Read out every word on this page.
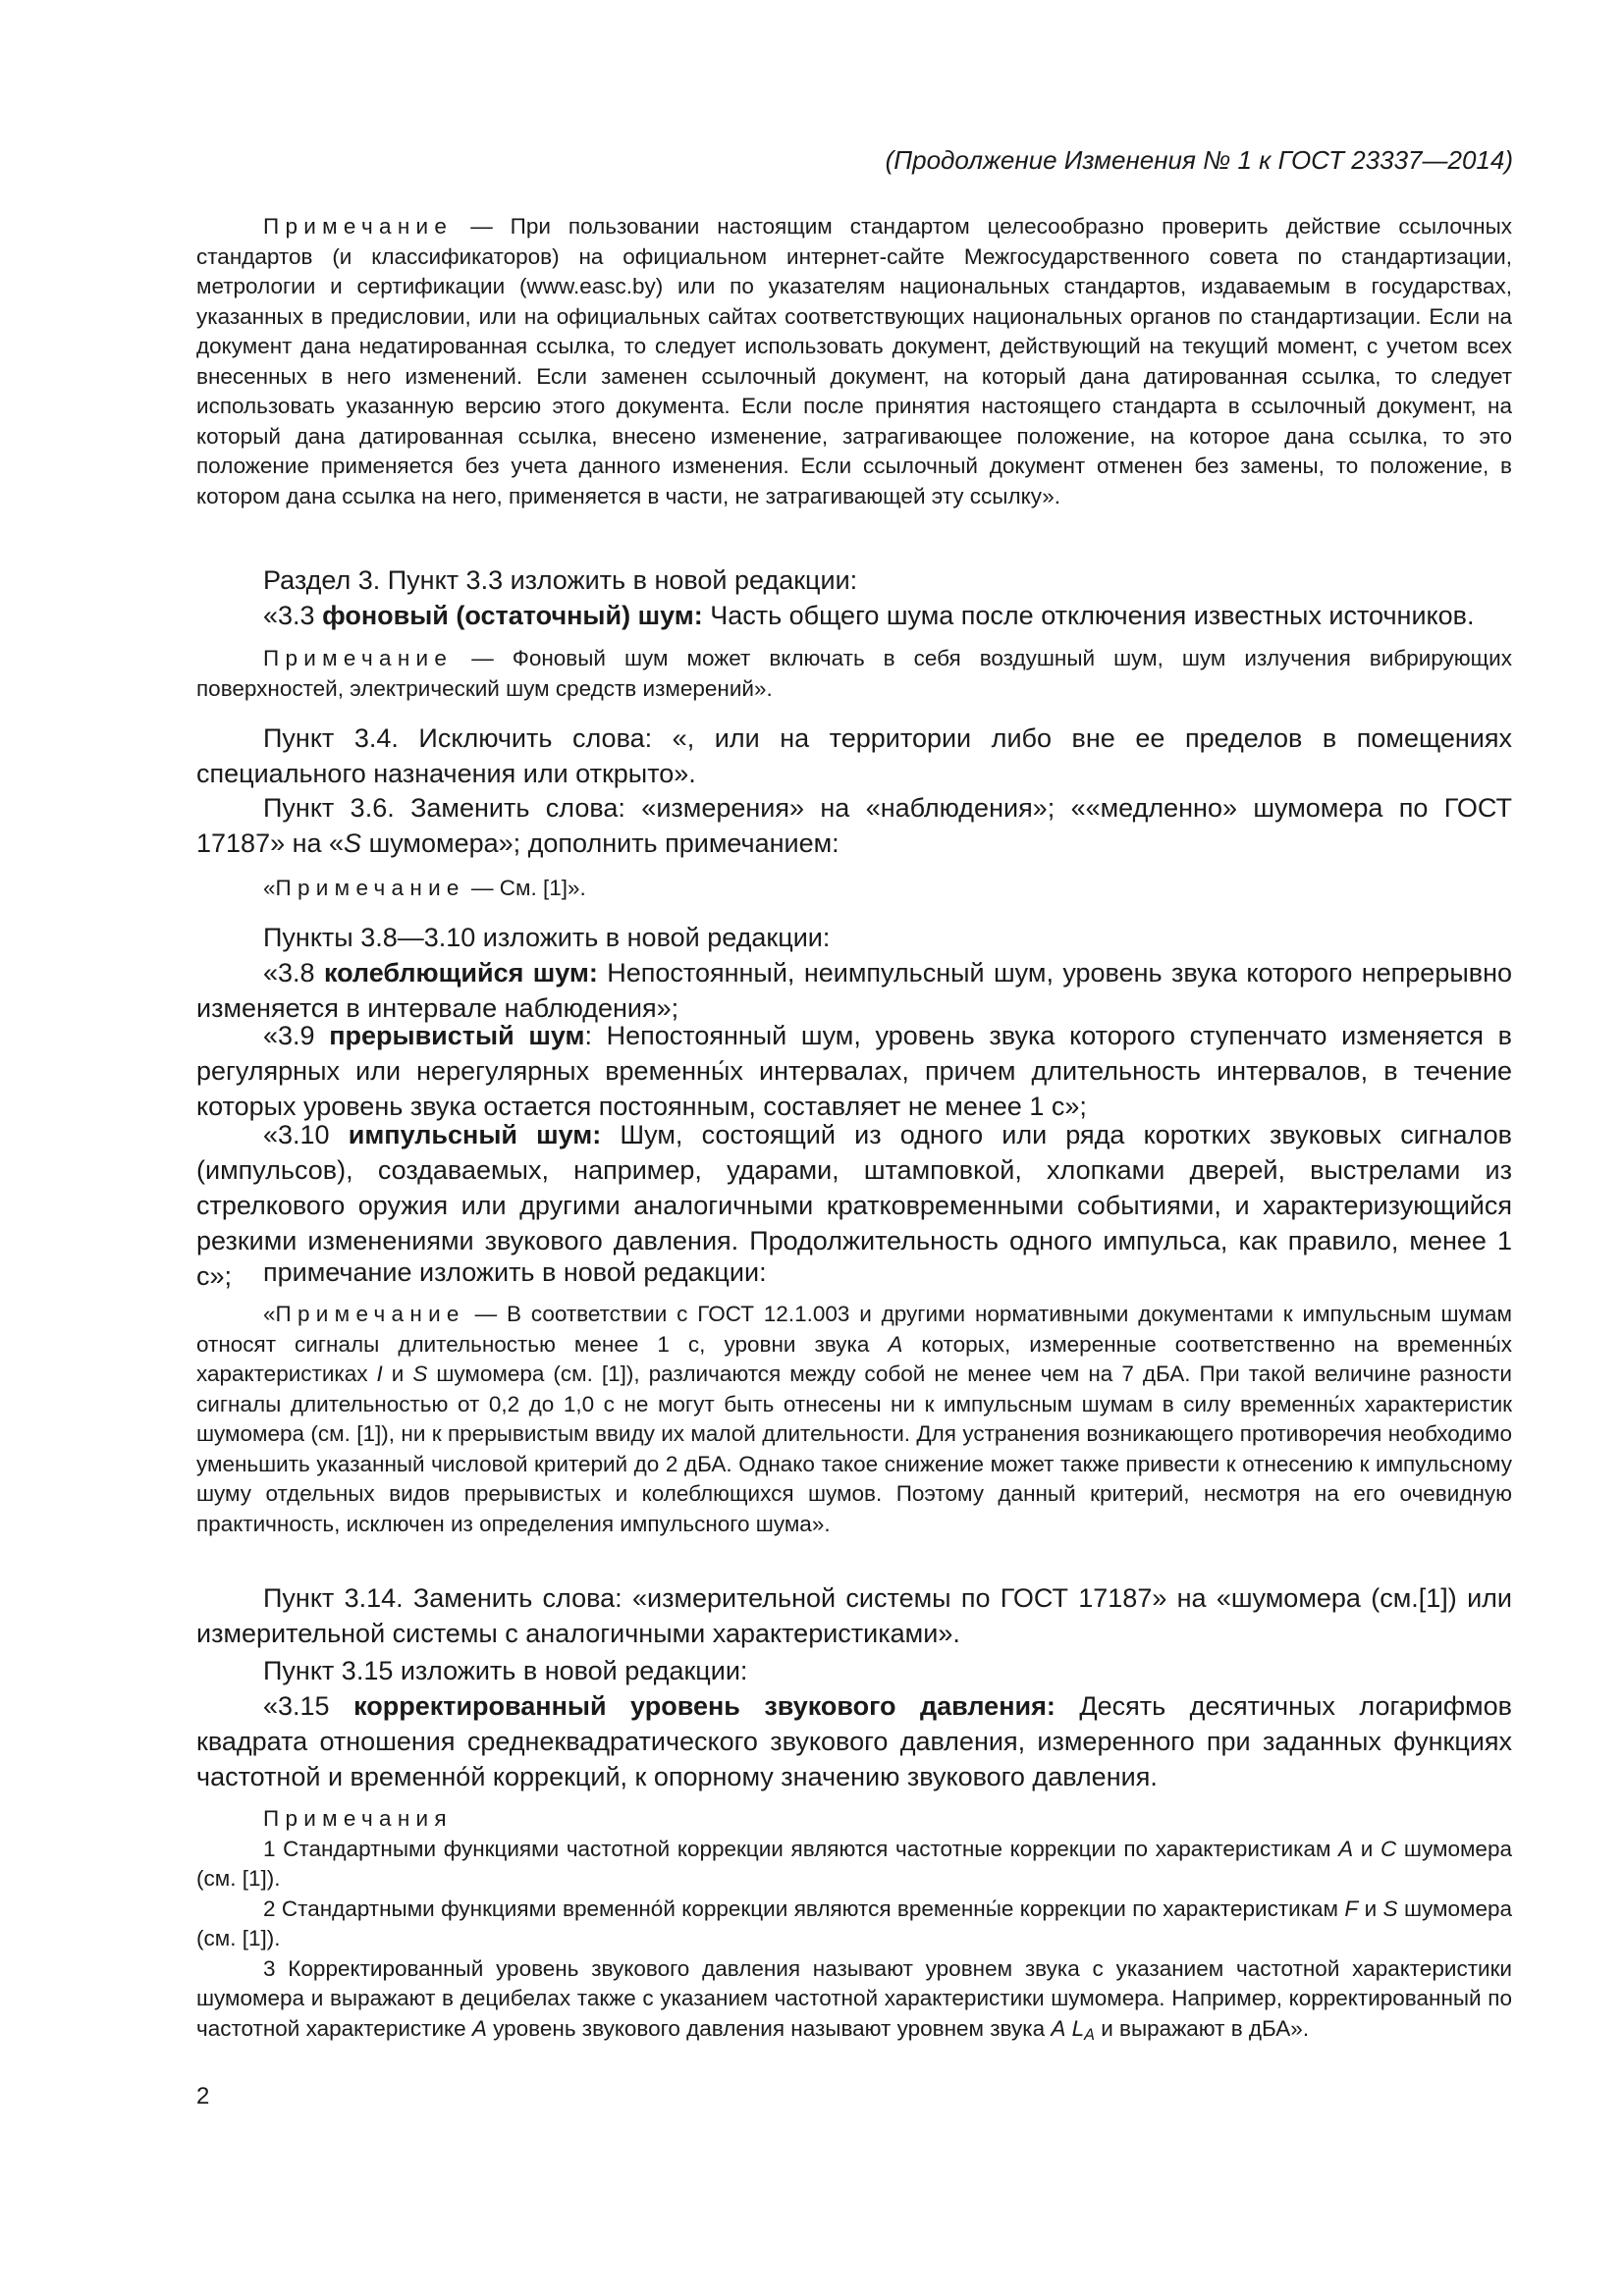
(Продолжение Изменения № 1 к ГОСТ 23337—2014)

Примечание — При пользовании настоящим стандартом целесообразно проверить действие ссылочных стандартов (и классификаторов) на официальном интернет-сайте Межгосударственного совета по стандартизации, метрологии и сертификации (www.easc.by) или по указателям национальных стандартов, издаваемым в государствах, указанных в предисловии, или на официальных сайтах соответствующих национальных органов по стандартизации. Если на документ дана недатированная ссылка, то следует использовать документ, действующий на текущий момент, с учетом всех внесенных в него изменений. Если заменен ссылочный документ, на который дана датированная ссылка, то следует использовать указанную версию этого документа. Если после принятия настоящего стандарта в ссылочный документ, на который дана датированная ссылка, внесено изменение, затрагивающее положение, на которое дана ссылка, то это положение применяется без учета данного изменения. Если ссылочный документ отменен без замены, то положение, в котором дана ссылка на него, применяется в части, не затрагивающей эту ссылку».

Раздел 3. Пункт 3.3 изложить в новой редакции:

«3.3 фоновый (остаточный) шум: Часть общего шума после отключения известных источников.

Примечание — Фоновый шум может включать в себя воздушный шум, шум излучения вибрирующих поверхностей, электрический шум средств измерений».

Пункт 3.4. Исключить слова: «, или на территории либо вне ее пределов в помещениях специального назначения или открыто».

Пункт 3.6. Заменить слова: «измерения» на «наблюдения»; ««медленно» шумомера по ГОСТ 17187» на «S шумомера»; дополнить примечанием:

«Примечание — См. [1]».

Пункты 3.8—3.10 изложить в новой редакции:

«3.8 колеблющийся шум: Непостоянный, неимпульсный шум, уровень звука которого непрерывно изменяется в интервале наблюдения»;

«3.9 прерывистый шум: Непостоянный шум, уровень звука которого ступенчато изменяется в регулярных или нерегулярных временны́х интервалах, причем длительность интервалов, в течение которых уровень звука остается постоянным, составляет не менее 1 с»;

«3.10 импульсный шум: Шум, состоящий из одного или ряда коротких звуковых сигналов (импульсов), создаваемых, например, ударами, штамповкой, хлопками дверей, выстрелами из стрелкового оружия или другими аналогичными кратковременными событиями, и характеризующийся резкими изменениями звукового давления. Продолжительность одного импульса, как правило, менее 1 с»;	примечание изложить в новой редакции:

«Примечание — В соответствии с ГОСТ 12.1.003 и другими нормативными документами к импульсным шумам относят сигналы длительностью менее 1 с, уровни звука A которых, измеренные соответственно на временны́х характеристиках I и S шумомера (см. [1]), различаются между собой не менее чем на 7 дБА. При такой величине разности сигналы длительностью от 0,2 до 1,0 с не могут быть отнесены ни к импульсным шумам в силу временны́х характеристик шумомера (см. [1]), ни к прерывистым ввиду их малой длительности. Для устранения возникающего противоречия необходимо уменьшить указанный числовой критерий до 2 дБА. Однако такое снижение может также привести к отнесению к импульсному шуму отдельных видов прерывистых и колеблющихся шумов. Поэтому данный критерий, несмотря на его очевидную практичность, исключен из определения импульсного шума».

Пункт 3.14. Заменить слова: «измерительной системы по ГОСТ 17187» на «шумомера (см.[1]) или измерительной системы с аналогичными характеристиками».

Пункт 3.15 изложить в новой редакции:

«3.15 корректированный уровень звукового давления: Десять десятичных логарифмов квадрата отношения среднеквадратического звукового давления, измеренного при заданных функциях частотной и временно́й коррекций, к опорному значению звукового давления.

Примечания

1 Стандартными функциями частотной коррекции являются частотные коррекции по характеристикам A и C шумомера (см. [1]).

2 Стандартными функциями временно́й коррекции являются временны́е коррекции по характеристикам F и S шумомера (см. [1]).

3 Корректированный уровень звукового давления называют уровнем звука с указанием частотной характеристики шумомера и выражают в децибелах также с указанием частотной характеристики шумомера. Например, корректированный по частотной характеристике A уровень звукового давления называют уровнем звука A $L_A$ и выражают в дБА».

2
